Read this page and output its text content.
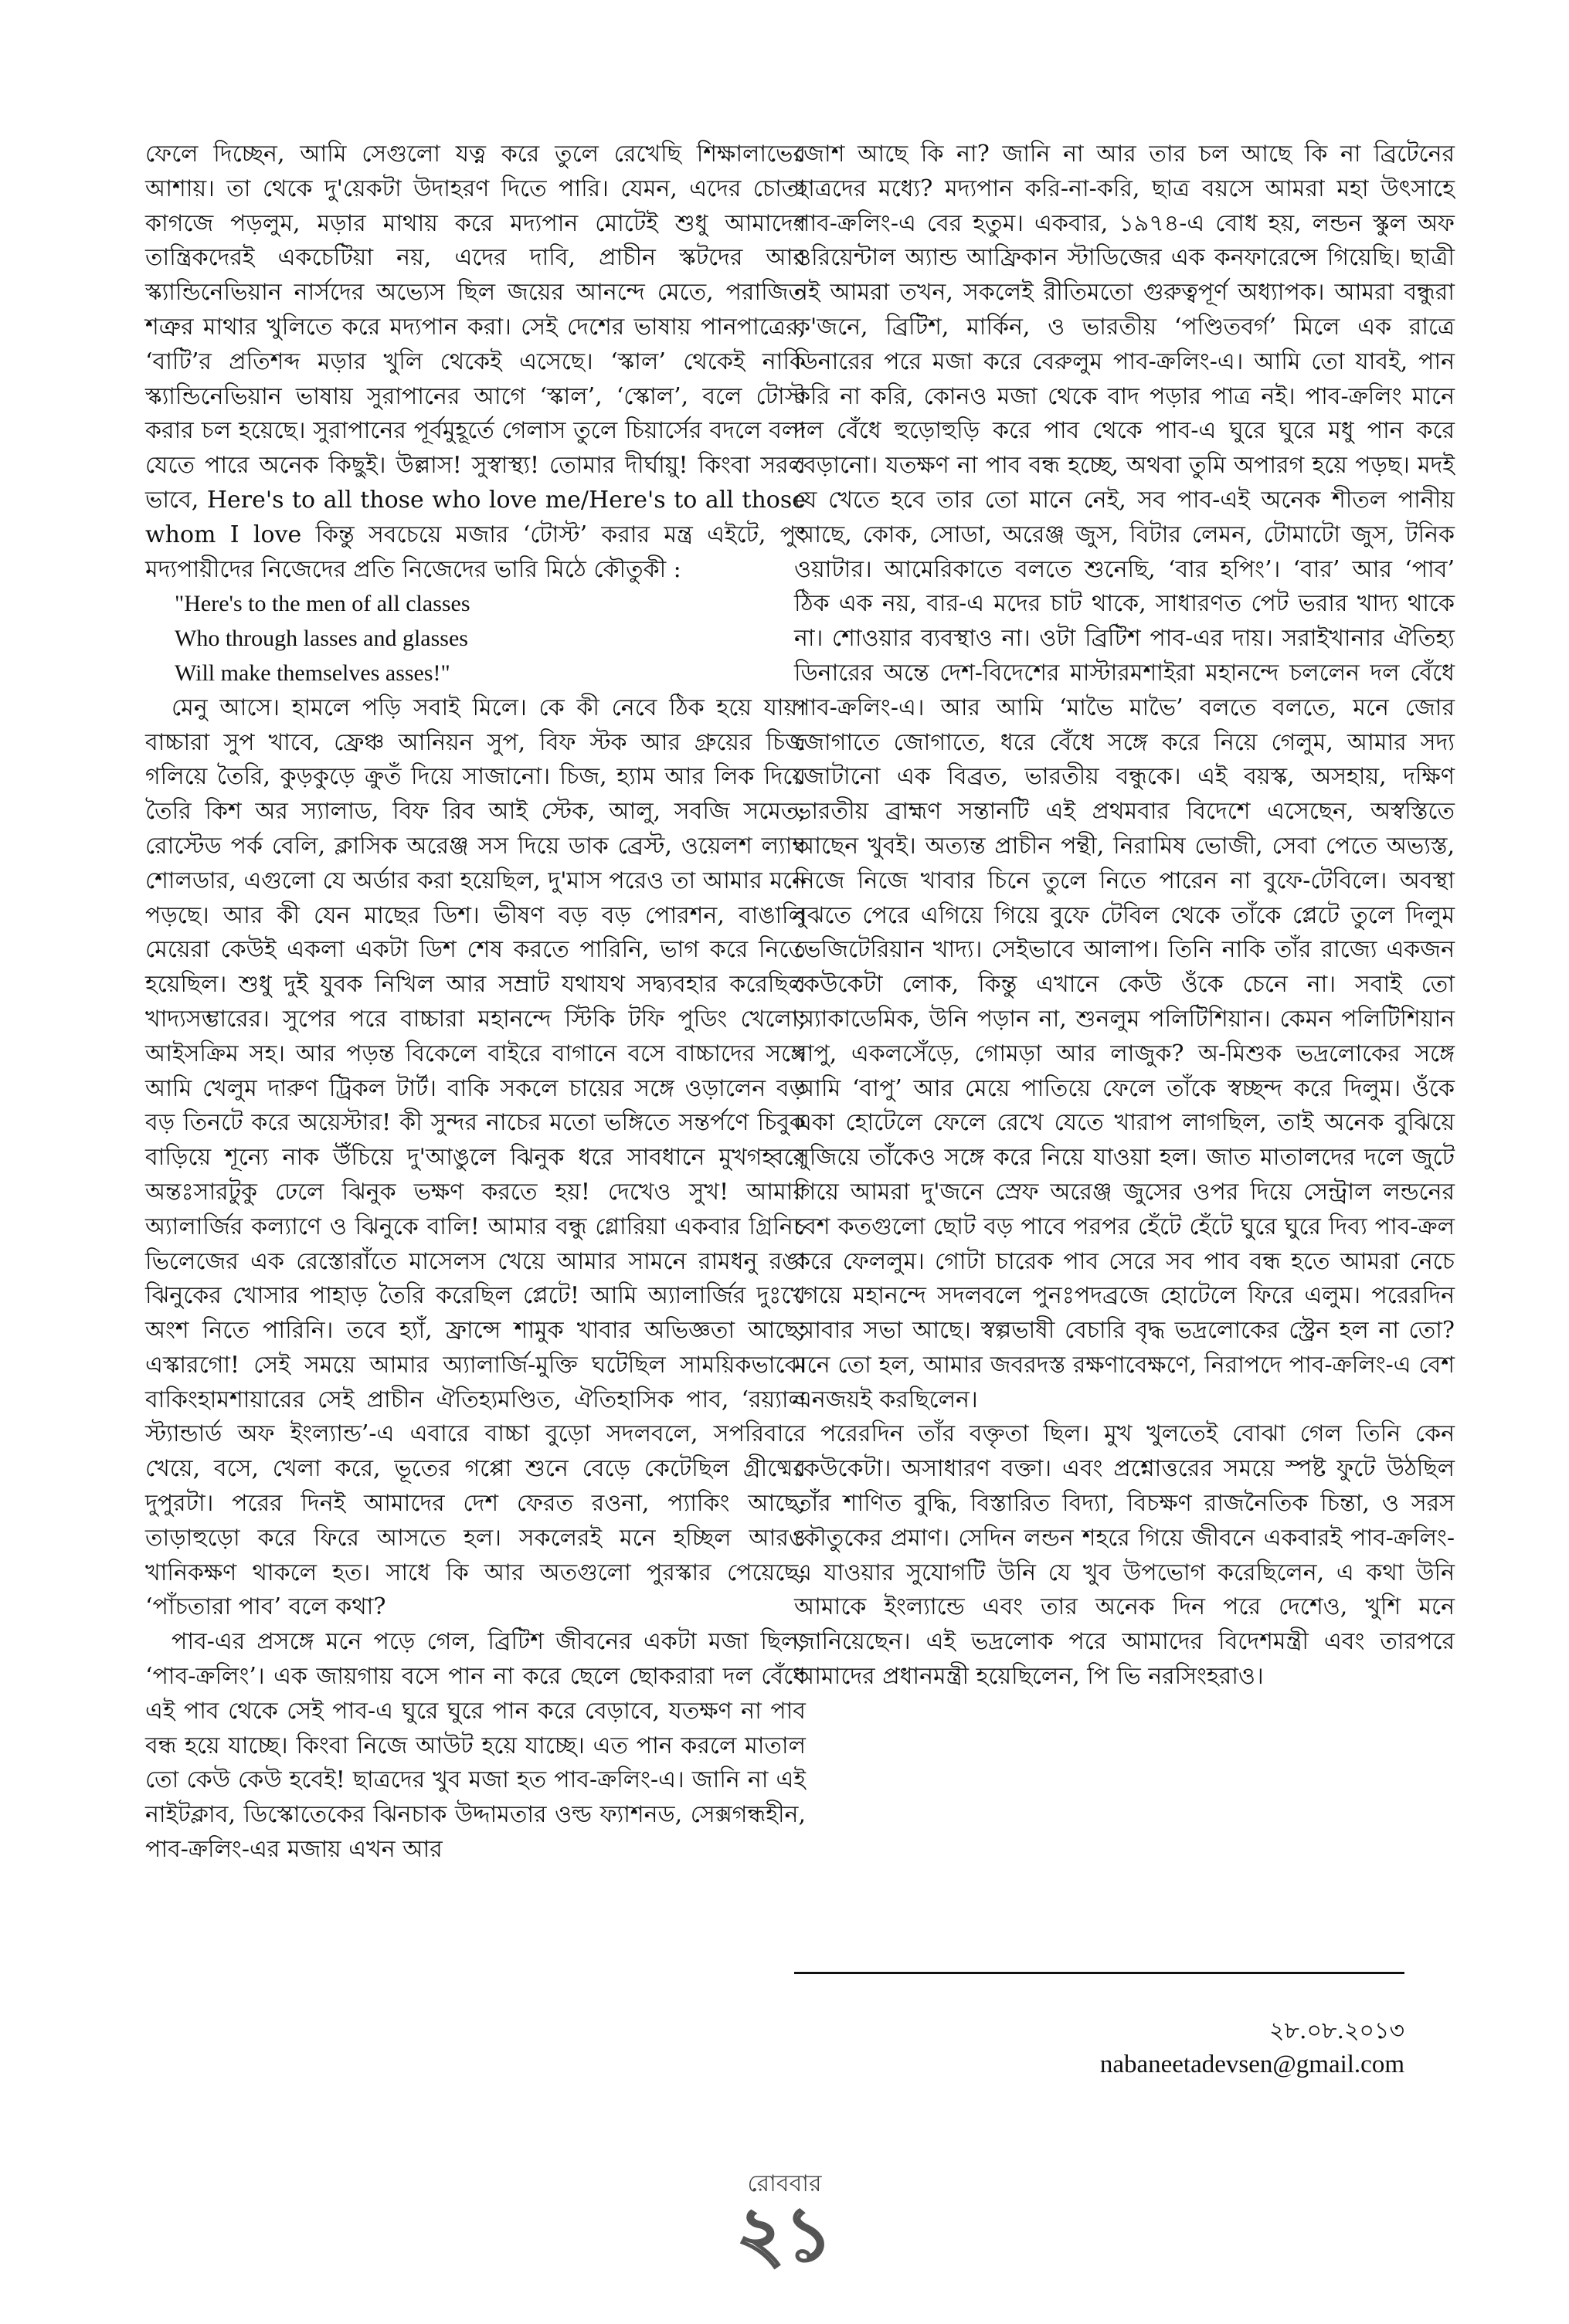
ফেলে দিচ্ছেন, আমি সেগুলো যত্ন করে তুলে রেখেছি শিক্ষালাভের আশায়। তা থেকে দু'য়েকটা উদাহরণ দিতে পারি। যেমন, এদের চোতা কাগজে পড়লুম, মড়ার মাথায় করে মদ্যপান মোটেই শুধু আমাদের তান্ত্রিকদেরই একচেটিয়া নয়, এদের দাবি, প্রাচীন স্কটদের আর স্ক্যান্ডিনেভিয়ান নার্সদের অভ্যেস ছিল জয়ের আনন্দে মেতে, পরাজিত শত্রুর মাথার খুলিতে করে মদ্যপান করা। সেই দেশের ভাষায় পানপাত্রের, ‘বাটি’র প্রতিশব্দ মড়ার খুলি থেকেই এসেছে। ‘স্কাল’ থেকেই নাকি স্ক্যান্ডিনেভিয়ান ভাষায় সুরাপানের আগে ‘স্কাল’, ‘স্কোল’, বলে টোস্ট করার চল হয়েছে। সুরাপানের পূর্বমুহূর্তে গেলাস তুলে চিয়ার্সের বদলে বলা যেতে পারে অনেক কিছুই। উল্লাস! সুস্বাস্থ্য! তোমার দীর্ঘায়ু! কিংবা সরল ভাবে, Here's to all those who love me/Here's to all those whom I love কিন্তু সবচেয়ে মজার ‘টোস্ট’ করার মন্ত্র এইটে, পুং মদ্যপায়ীদের নিজেদের প্রতি নিজেদের ভারি মিঠে কৌতুকী :

"Here's to the men of all classes
Who through lasses and glasses
Will make themselves asses!"

মেনু আসে। হামলে পড়ি সবাই মিলে। কে কী নেবে ঠিক হয়ে যায়। বাচ্চারা সুপ খাবে, ফ্রেঞ্চ আনিয়ন সুপ, বিফ স্টক আর গ্রুয়ের চিজ গলিয়ে তৈরি, কুড়কুড়ে ক্রুতঁ দিয়ে সাজানো। চিজ, হ্যাম আর লিক দিয়ে তৈরি কিশ অর স্যালাড, বিফ রিব আই স্টেক, আলু, সবজি সমেত, রোস্টেড পর্ক বেলি, ক্লাসিক অরেঞ্জ সস দিয়ে ডাক ব্রেস্ট, ওয়েলশ ল্যাম্ব শোলডার, এগুলো যে অর্ডার করা হয়েছিল, দু'মাস পরেও তা আমার মনে পড়ছে। আর কী যেন মাছের ডিশ। ভীষণ বড় বড় পোরশন, বাঙালি মেয়েরা কেউই একলা একটা ডিশ শেষ করতে পারিনি, ভাগ করে নিতে হয়েছিল। শুধু দুই যুবক নিখিল আর সম্রাট যথাযথ সদ্ব্যবহার করেছিল খাদ্যসম্ভারের। সুপের পরে বাচ্চারা মহানন্দে স্টিকি টফি পুডিং খেলো, আইসক্রিম সহ। আর পড়ন্ত বিকেলে বাইরে বাগানে বসে বাচ্চাদের সঙ্গে আমি খেলুম দারুণ ট্রিকল টার্ট। বাকি সকলে চায়ের সঙ্গে ওড়ালেন বড় বড় তিনটে করে অয়েস্টার! কী সুন্দর নাচের মতো ভঙ্গিতে সন্তর্পণে চিবুক বাড়িয়ে শূন্যে নাক উঁচিয়ে দু'আঙুলে ঝিনুক ধরে সাবধানে মুখগহ্বরে অন্তঃসারটুকু ঢেলে ঝিনুক ভক্ষণ করতে হয়! দেখেও সুখ! আমার অ্যালার্জির কল্যাণে ও ঝিনুকে বালি! আমার বন্ধু গ্লোরিয়া একবার গ্রিনিচ ভিলেজের এক রেস্তোরাঁতে মাসেলস খেয়ে আমার সামনে রামধনু রঙা ঝিনুকের খোসার পাহাড় তৈরি করেছিল প্লেটে! আমি অ্যালার্জির দুঃখে অংশ নিতে পারিনি। তবে হ্যাঁ, ফ্রান্সে শামুক খাবার অভিজ্ঞতা আছে, এস্কারগো! সেই সময়ে আমার অ্যালার্জি-মুক্তি ঘটেছিল সাময়িকভাবে। বাকিংহামশায়ারের সেই প্রাচীন ঐতিহ্যমণ্ডিত, ঐতিহাসিক পাব, ‘রয়্যাল স্ট্যান্ডার্ড অফ ইংল্যান্ড’-এ এবারে বাচ্চা বুড়ো সদলবলে, সপরিবারে খেয়ে, বসে, খেলা করে, ভূতের গপ্পো শুনে বেড়ে কেটেছিল গ্রীষ্মের দুপুরটা। পরের দিনই আমাদের দেশ ফেরত রওনা, প্যাকিং আছে, তাড়াহুড়ো করে ফিরে আসতে হল। সকলেরই মনে হচ্ছিল আরও খানিকক্ষণ থাকলে হত। সাধে কি আর অতগুলো পুরস্কার পেয়েছে, ‘পাঁচতারা পাব’ বলে কথা?

পাব-এর প্রসঙ্গে মনে পড়ে গেল, ব্রিটিশ জীবনের একটা মজা ছিল, ‘পাব-ক্রলিং’। এক জায়গায় বসে পান না করে ছেলে ছোকরারা দল বেঁধে এই পাব থেকে সেই পাব-এ ঘুরে ঘুরে পান করে বেড়াবে, যতক্ষণ না পাব বন্ধ হয়ে যাচ্ছে। কিংবা নিজে আউট হয়ে যাচ্ছে। এত পান করলে মাতাল তো কেউ কেউ হবেই! ছাত্রদের খুব মজা হত পাব-ক্রলিং-এ। জানি না এই নাইটক্লাব, ডিস্কোতেকের ঝিনচাক উদ্দামতার ওল্ড ফ্যাশনড, সেক্সগন্ধহীন, পাব-ক্রলিং-এর মজায় এখন আর

জোশ আছে কি না? জানি না আর তার চল আছে কি না ব্রিটেনের ছাত্রদের মধ্যে? মদ্যপান করি-না-করি, ছাত্র বয়সে আমরা মহা উৎসাহে পাব-ক্রলিং-এ বের হতুম। একবার, ১৯৭৪-এ বোধ হয়, লন্ডন স্কুল অফ ওরিয়েন্টাল অ্যান্ড আফ্রিকান স্টাডিজের এক কনফারেন্সে গিয়েছি। ছাত্রী নই আমরা তখন, সকলেই রীতিমতো গুরুত্বপূর্ণ অধ্যাপক। আমরা বন্ধুরা ক'জনে, ব্রিটিশ, মার্কিন, ও ভারতীয় ‘পণ্ডিতবর্গ’ মিলে এক রাত্রে ডিনারের পরে মজা করে বেরুলুম পাব-ক্রলিং-এ। আমি তো যাবই, পান করি না করি, কোনও মজা থেকে বাদ পড়ার পাত্র নই। পাব-ক্রলিং মানে দল বেঁধে হুড়োহুড়ি করে পাব থেকে পাব-এ ঘুরে ঘুরে মধু পান করে বেড়ানো। যতক্ষণ না পাব বন্ধ হচ্ছে, অথবা তুমি অপারগ হয়ে পড়ছ। মদই যে খেতে হবে তার তো মানে নেই, সব পাব-এই অনেক শীতল পানীয় আছে, কোক, সোডা, অরেঞ্জ জুস, বিটার লেমন, টোমাটো জুস, টনিক ওয়াটার। আমেরিকাতে বলতে শুনেছি, ‘বার হপিং’। ‘বার’ আর ‘পাব’ ঠিক এক নয়, বার-এ মদের চাট থাকে, সাধারণত পেট ভরার খাদ্য থাকে না। শোওয়ার ব্যবস্থাও না। ওটা ব্রিটিশ পাব-এর দায়। সরাইখানার ঐতিহ্য ডিনারের অন্তে দেশ-বিদেশের মাস্টারমশাইরা মহানন্দে চললেন দল বেঁধে পাব-ক্রলিং-এ। আর আমি ‘মাভৈ মাভৈ’ বলতে বলতে, মনে জোর জোগাতে জোগাতে, ধরে বেঁধে সঙ্গে করে নিয়ে গেলুম, আমার সদ্য জোটানো এক বিব্রত, ভারতীয় বন্ধুকে। এই বয়স্ক, অসহায়, দক্ষিণ ভারতীয় ব্রাহ্মণ সন্তানটি এই প্রথমবার বিদেশে এসেছেন, অস্বস্তিতে আছেন খুবই। অত্যন্ত প্রাচীন পন্থী, নিরামিষ ভোজী, সেবা পেতে অভ্যস্ত, নিজে নিজে খাবার চিনে তুলে নিতে পারেন না বুফে-টেবিলে। অবস্থা বুঝতে পেরে এগিয়ে গিয়ে বুফে টেবিল থেকে তাঁকে প্লেটে তুলে দিলুম ভেজিটেরিয়ান খাদ্য। সেইভাবে আলাপ। তিনি নাকি তাঁর রাজ্যে একজন কেউকেটা লোক, কিন্তু এখানে কেউ ওঁকে চেনে না। সবাই তো অ্যাকাডেমিক, উনি পড়ান না, শুনলুম পলিটিশিয়ান। কেমন পলিটিশিয়ান বাপু, একলসেঁড়ে, গোমড়া আর লাজুক? অ-মিশুক ভদ্রলোকের সঙ্গে আমি ‘বাপু’ আর মেয়ে পাতিয়ে ফেলে তাঁকে স্বচ্ছন্দ করে দিলুম। ওঁকে একা হোটেলে ফেলে রেখে যেতে খারাপ লাগছিল, তাই অনেক বুঝিয়ে সুজিয়ে তাঁকেও সঙ্গে করে নিয়ে যাওয়া হল। জাত মাতালদের দলে জুটে গিয়ে আমরা দু'জনে স্রেফ অরেঞ্জ জুসের ওপর দিয়ে সেন্ট্রাল লন্ডনের বেশ কতগুলো ছোট বড় পাবে পরপর হেঁটে হেঁটে ঘুরে ঘুরে দিব্য পাব-ক্রল করে ফেললুম। গোটা চারেক পাব সেরে সব পাব বন্ধ হতে আমরা নেচে গেয়ে মহানন্দে সদলবলে পুনঃপদব্রজে হোটেলে ফিরে এলুম। পরেরদিন আবার সভা আছে। স্বল্পভাষী বেচারি বৃদ্ধ ভদ্রলোকের স্ট্রেন হল না তো? মনে তো হল, আমার জবরদস্ত রক্ষণাবেক্ষণে, নিরাপদে পাব-ক্রলিং-এ বেশ এনজয়ই করছিলেন।

পরেরদিন তাঁর বক্তৃতা ছিল। মুখ খুলতেই বোঝা গেল তিনি কেন কেউকেটা। অসাধারণ বক্তা। এবং প্রশ্নোত্তরের সময়ে স্পষ্ট ফুটে উঠছিল তাঁর শাণিত বুদ্ধি, বিস্তারিত বিদ্যা, বিচক্ষণ রাজনৈতিক চিন্তা, ও সরস কৌতুকের প্রমাণ। সেদিন লন্ডন শহরে গিয়ে জীবনে একবারই পাব-ক্রলিং-এ যাওয়ার সুযোগটি উনি যে খুব উপভোগ করেছিলেন, এ কথা উনি আমাকে ইংল্যান্ডে এবং তার অনেক দিন পরে দেশেও, খুশি মনে জানিয়েছেন। এই ভদ্রলোক পরে আমাদের বিদেশমন্ত্রী এবং তারপরে আমাদের প্রধানমন্ত্রী হয়েছিলেন, পি ভি নরসিংহরাও।

২৮.০৮.২০১৩
nabaneetadevsen@gmail.com
রোববার
২১
